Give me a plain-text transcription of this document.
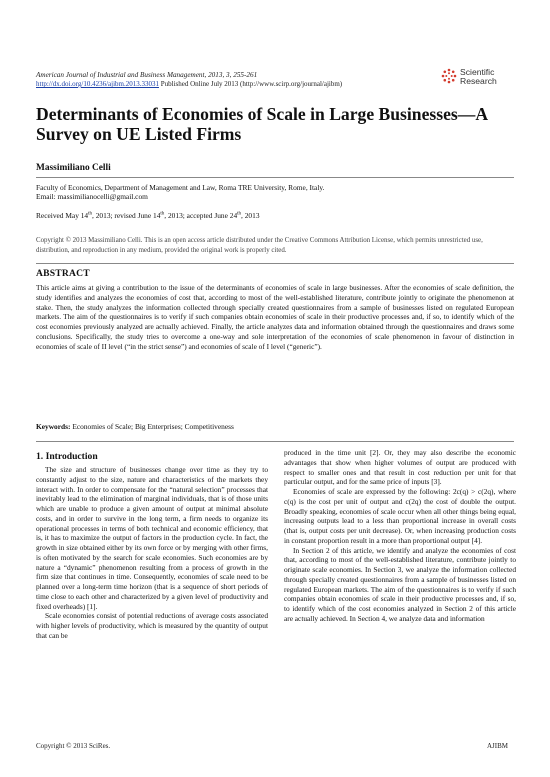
American Journal of Industrial and Business Management, 2013, 3, 255-261
http://dx.doi.org/10.4236/ajibm.2013.33031 Published Online July 2013 (http://www.scirp.org/journal/ajibm)
Scientific
Research
Determinants of Economies of Scale in Large Businesses—A Survey on UE Listed Firms
Massimiliano Celli
Faculty of Economics, Department of Management and Law, Roma TRE University, Rome, Italy.
Email: massimilianocelli@gmail.com
Received May 14th, 2013; revised June 14th, 2013; accepted June 24th, 2013
Copyright © 2013 Massimiliano Celli. This is an open access article distributed under the Creative Commons Attribution License, which permits unrestricted use, distribution, and reproduction in any medium, provided the original work is properly cited.
ABSTRACT
This article aims at giving a contribution to the issue of the determinants of economies of scale in large businesses. After the economies of scale definition, the study identifies and analyzes the economies of cost that, according to most of the well-established literature, contribute jointly to originate the phenomenon at stake. Then, the study analyzes the information collected through specially created questionnaires from a sample of businesses listed on regulated European markets. The aim of the questionnaires is to verify if such companies obtain economies of scale in their productive processes and, if so, to identify which of the cost economies previously analyzed are actually achieved. Finally, the article analyzes data and information obtained through the questionnaires and draws some conclusions. Specifically, the study tries to overcome a one-way and sole interpretation of the economies of scale phenomenon in favour of distinction in economies of scale of II level (“in the strict sense”) and economies of scale of I level (“generic”).
Keywords: Economies of Scale; Big Enterprises; Competitiveness
1. Introduction

The size and structure of businesses change over time as they try to constantly adjust to the size, nature and characteristics of the markets they interact with. In order to compensate for the “natural selection” processes that inevitably lead to the elimination of marginal individuals, that is of those units which are unable to produce a given amount of output at minimal absolute costs, and in order to survive in the long term, a firm needs to organize its operational processes in terms of both technical and economic efficiency, that is, it has to maximize the output of factors in the production cycle. In fact, the growth in size obtained either by its own force or by merging with other firms, is often motivated by the search for scale economies. Such economies are by nature a “dynamic” phenomenon resulting from a process of growth in the firm size that continues in time. Consequently, economies of scale need to be planned over a long-term time horizon (that is a sequence of short periods of time close to each other and characterized by a given level of productivity and fixed overheads) [1].

Scale economies consist of potential reductions of average costs associated with higher levels of productivity, which is measured by the quantity of output that can be

produced in the time unit [2]. Or, they may also describe the economic advantages that show when higher volumes of output are produced with respect to smaller ones and that result in cost reduction per unit for that particular output, and for the same price of inputs [3].

Economies of scale are expressed by the following: 2c(q) > c(2q), where c(q) is the cost per unit of output and c(2q) the cost of double the output. Broadly speaking, economies of scale occur when all other things being equal, increasing outputs lead to a less than proportional increase in overall costs (that is, output costs per unit decrease). Or, when increasing production costs in constant proportion result in a more than proportional output [4].

In Section 2 of this article, we identify and analyze the economies of cost that, according to most of the well-established literature, contribute jointly to originate scale economies. In Section 3, we analyze the information collected through specially created questionnaires from a sample of businesses listed on regulated European markets. The aim of the questionnaires is to verify if such companies obtain economies of scale in their productive processes and, if so, to identify which of the cost economies analyzed in Section 2 of this article are actually achieved. In Section 4, we analyze data and information

Copyright © 2013 SciRes.	AJIBM
